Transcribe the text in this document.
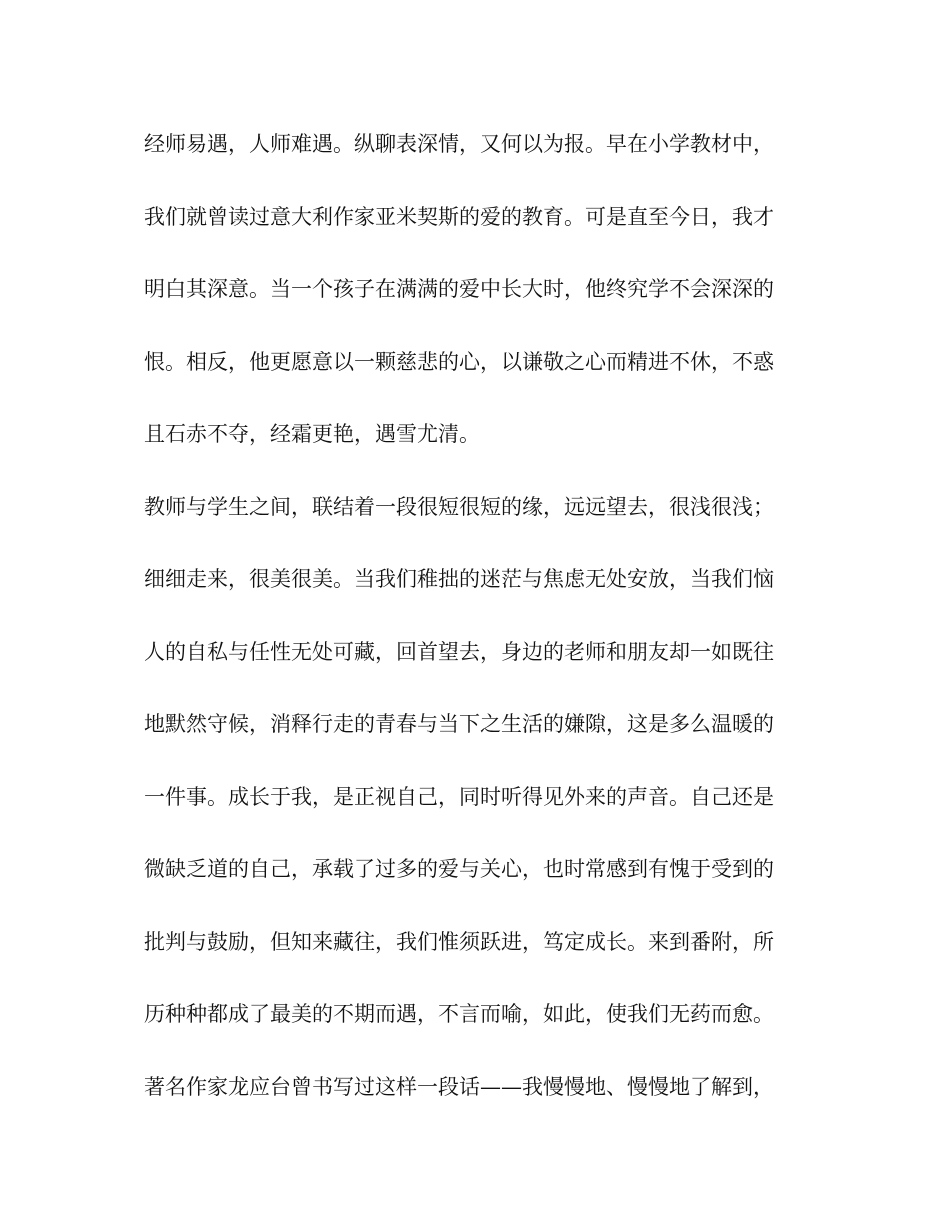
经师易遇，人师难遇。纵聊表深情，又何以为报。早在小学教材中，
我们就曾读过意大利作家亚米契斯的爱的教育。可是直至今日，我才
明白其深意。当一个孩子在满满的爱中长大时，他终究学不会深深的
恨。相反，他更愿意以一颗慈悲的心，以谦敬之心而精进不休，不惑
且石赤不夺，经霜更艳，遇雪尤清。
教师与学生之间，联结着一段很短很短的缘，远远望去，很浅很浅；
细细走来，很美很美。当我们稚拙的迷茫与焦虑无处安放，当我们恼
人的自私与任性无处可藏，回首望去，身边的老师和朋友却一如既往
地默然守候，消释行走的青春与当下之生活的嫌隙，这是多么温暖的
一件事。成长于我，是正视自己，同时听得见外来的声音。自己还是
微缺乏道的自己，承载了过多的爱与关心，也时常感到有愧于受到的
批判与鼓励，但知来藏往，我们惟须跃进，笃定成长。来到番附，所
历种种都成了最美的不期而遇，不言而喻，如此，使我们无药而愈。
著名作家龙应台曾书写过这样一段话——我慢慢地、慢慢地了解到，
